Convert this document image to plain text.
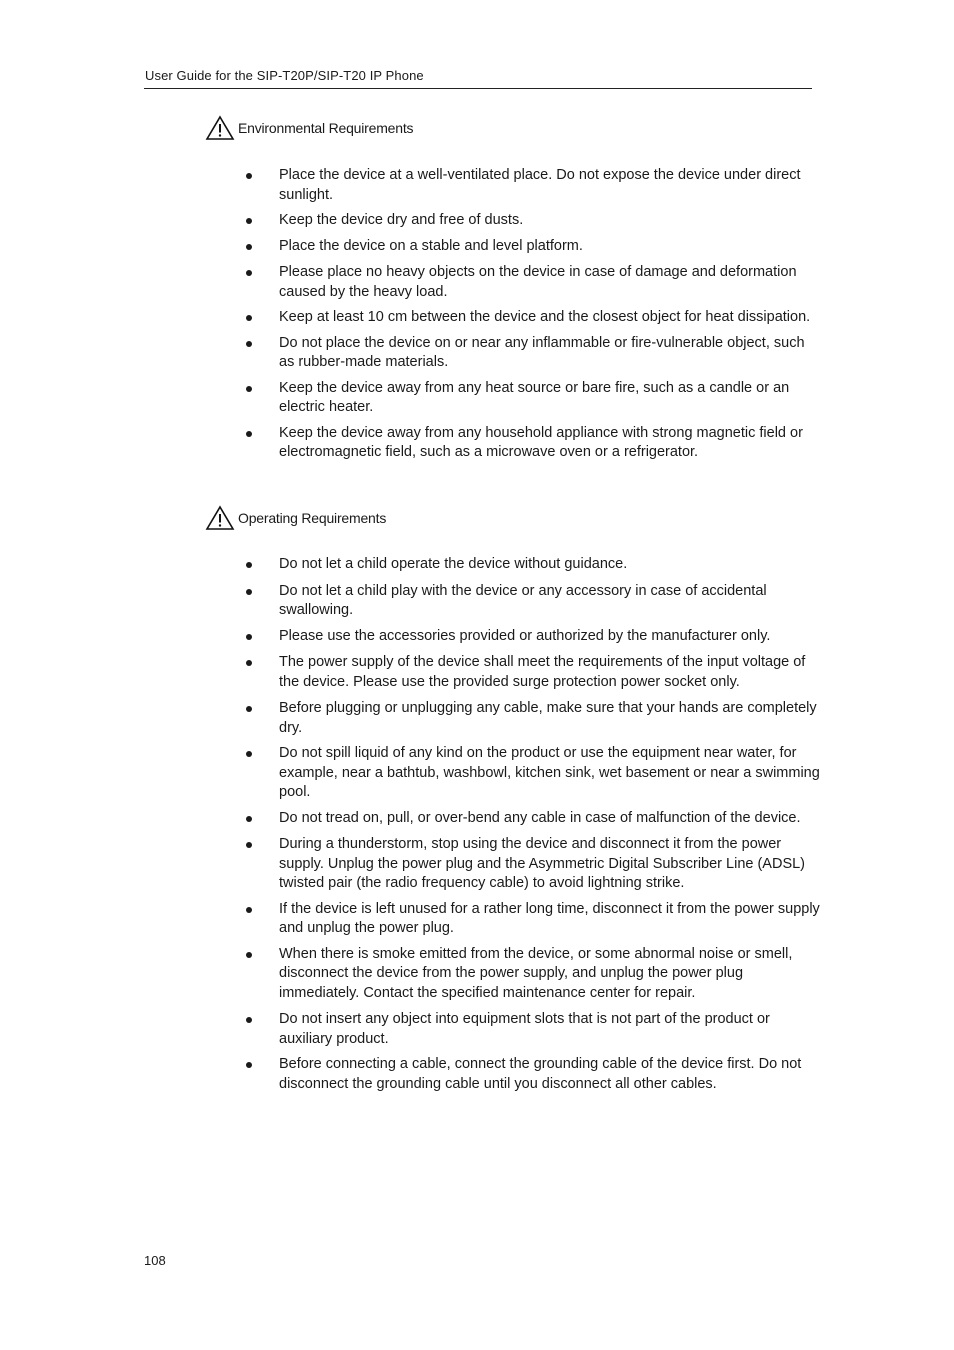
User Guide for the SIP-T20P/SIP-T20 IP Phone
Environmental Requirements
Place the device at a well-ventilated place. Do not expose the device under direct sunlight.
Keep the device dry and free of dusts.
Place the device on a stable and level platform.
Please place no heavy objects on the device in case of damage and deformation caused by the heavy load.
Keep at least 10 cm between the device and the closest object for heat dissipation.
Do not place the device on or near any inflammable or fire-vulnerable object, such as rubber-made materials.
Keep the device away from any heat source or bare fire, such as a candle or an electric heater.
Keep the device away from any household appliance with strong magnetic field or electromagnetic field, such as a microwave oven or a refrigerator.
Operating Requirements
Do not let a child operate the device without guidance.
Do not let a child play with the device or any accessory in case of accidental swallowing.
Please use the accessories provided or authorized by the manufacturer only.
The power supply of the device shall meet the requirements of the input voltage of the device. Please use the provided surge protection power socket only.
Before plugging or unplugging any cable, make sure that your hands are completely dry.
Do not spill liquid of any kind on the product or use the equipment near water, for example, near a bathtub, washbowl, kitchen sink, wet basement or near a swimming pool.
Do not tread on, pull, or over-bend any cable in case of malfunction of the device.
During a thunderstorm, stop using the device and disconnect it from the power supply. Unplug the power plug and the Asymmetric Digital Subscriber Line (ADSL) twisted pair (the radio frequency cable) to avoid lightning strike.
If the device is left unused for a rather long time, disconnect it from the power supply and unplug the power plug.
When there is smoke emitted from the device, or some abnormal noise or smell, disconnect the device from the power supply, and unplug the power plug immediately. Contact the specified maintenance center for repair.
Do not insert any object into equipment slots that is not part of the product or auxiliary product.
Before connecting a cable, connect the grounding cable of the device first. Do not disconnect the grounding cable until you disconnect all other cables.
108
